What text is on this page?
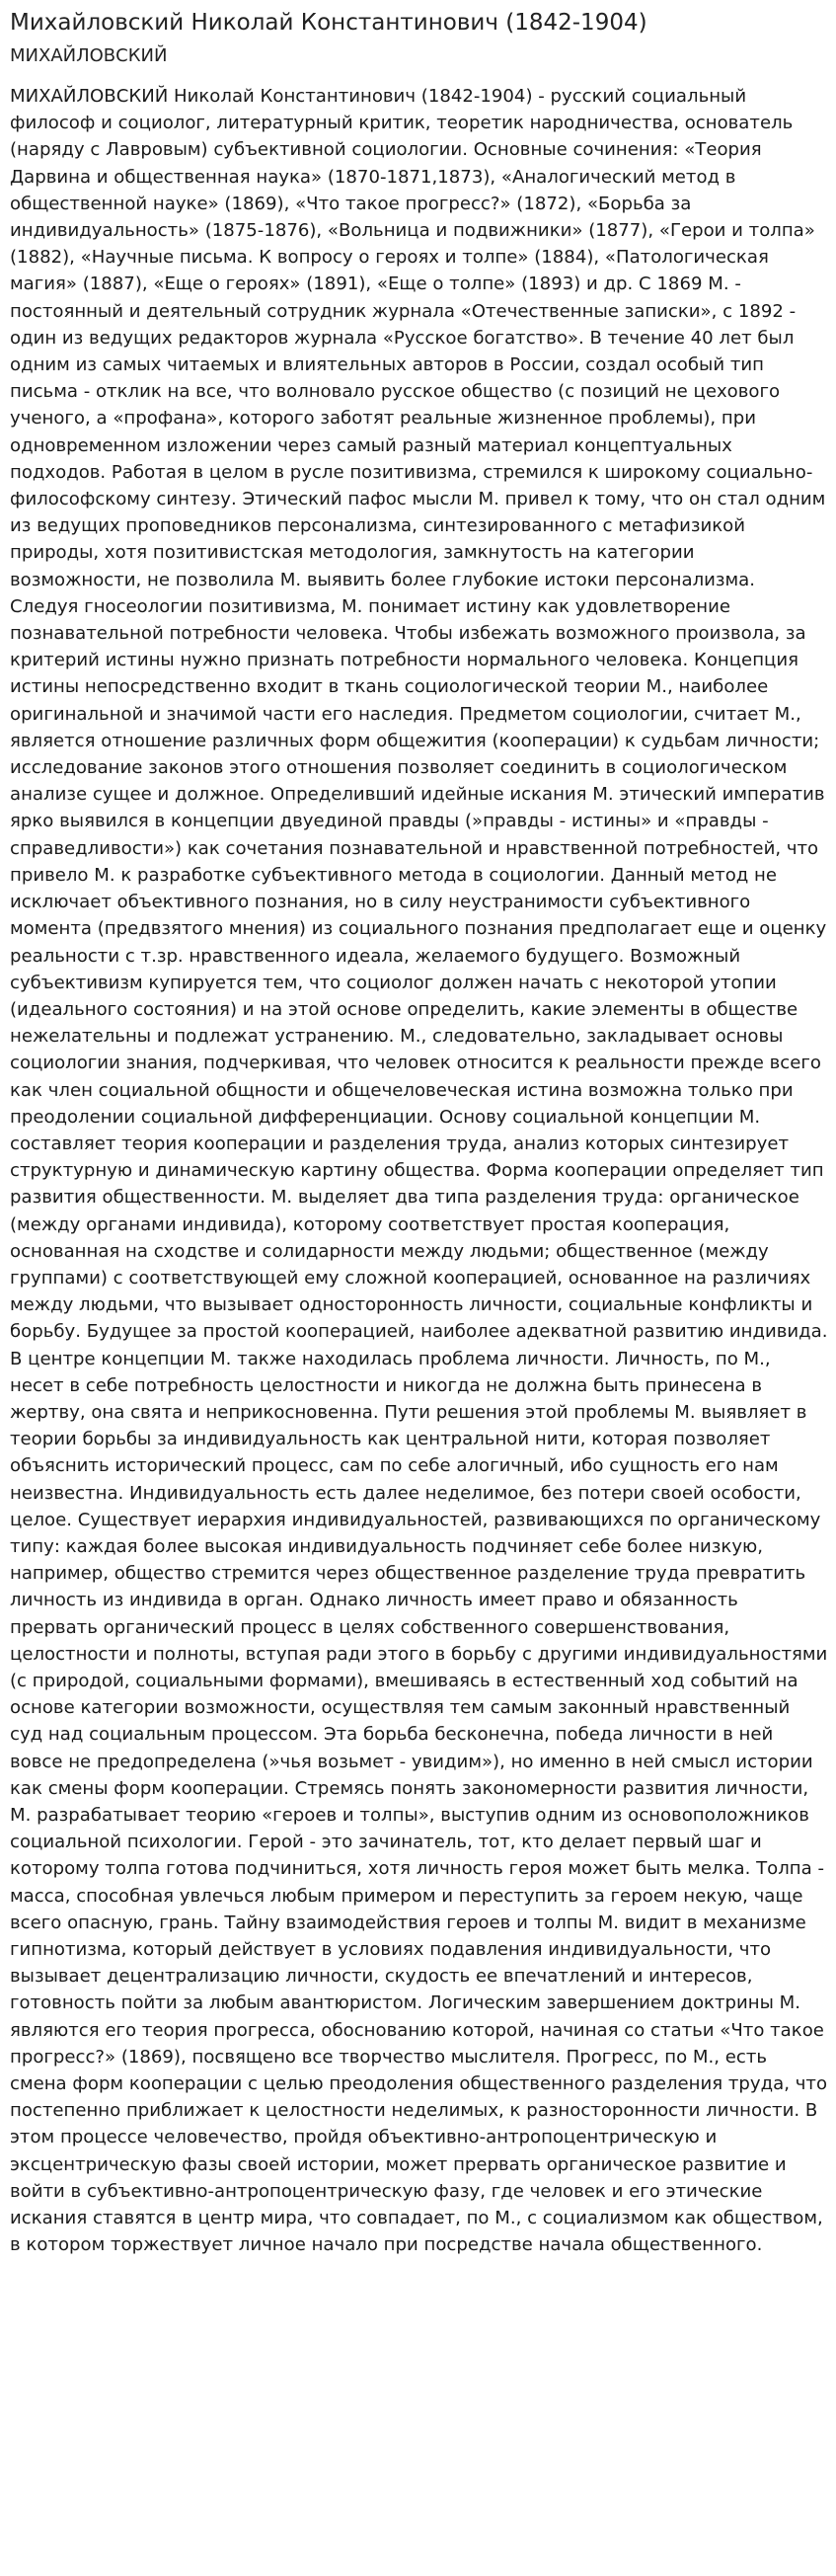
Михайловский Николай Константинович (1842-1904)
МИХАЙЛОВСКИЙ

МИХАЙЛОВСКИЙ Николай Константинович (1842-1904) - русский социальный философ и социолог, литературный критик, теоретик народничества, основатель (наряду с Лавровым) субъективной социологии. Основные сочинения: «Теория Дарвина и общественная наука» (1870-1871,1873), «Аналогический метод в общественной науке» (1869), «Что такое прогресс?» (1872), «Борьба за индивидуальность» (1875-1876), «Вольница и подвижники» (1877), «Герои и толпа» (1882), «Научные письма. К вопросу о героях и толпе» (1884), «Патологическая магия» (1887), «Еще о героях» (1891), «Еще о толпе» (1893) и др. С 1869 М. - постоянный и деятельный сотрудник журнала «Отечественные записки», с 1892 - один из ведущих редакторов журнала «Русское богатство». В течение 40 лет был одним из самых читаемых и влиятельных авторов в России, создал особый тип письма - отклик на все, что волновало русское общество (с позиций не цехового ученого, а «профана», которого заботят реальные жизненное проблемы), при одновременном изложении через самый разный материал концептуальных подходов. Работая в целом в русле позитивизма, стремился к широкому социально-философскому синтезу. Этический пафос мысли М. привел к тому, что он стал одним из ведущих проповедников персонализма, синтезированного с метафизикой природы, хотя позитивистская методология, замкнутость на категории возможности, не позволила М. выявить более глубокие истоки персонализма. Следуя гносеологии позитивизма, М. понимает истину как удовлетворение познавательной потребности человека. Чтобы избежать возможного произвола, за критерий истины нужно признать потребности нормального человека. Концепция истины непосредственно входит в ткань социологической теории М., наиболее оригинальной и значимой части его наследия. Предметом социологии, считает М., является отношение различных форм общежития (кооперации) к судьбам личности; исследование законов этого отношения позволяет соединить в социологическом анализе сущее и должное. Определивший идейные искания М. этический императив ярко выявился в концепции двуединой правды (»правды - истины» и «правды - справедливости») как сочетания познавательной и нравственной потребностей, что привело М. к разработке субъективного метода в социологии. Данный метод не исключает объективного познания, но в силу неустранимости субъективного момента (предвзятого мнения) из социального познания предполагает еще и оценку реальности с т.зр. нравственного идеала, желаемого будущего. Возможный субъективизм купируется тем, что социолог должен начать с некоторой утопии (идеального состояния) и на этой основе определить, какие элементы в обществе нежелательны и подлежат устранению. М., следовательно, закладывает основы социологии знания, подчеркивая, что человек относится к реальности прежде всего как член социальной общности и общечеловеческая истина возможна только при преодолении социальной дифференциации. Основу социальной концепции М. составляет теория кооперации и разделения труда, анализ которых синтезирует структурную и динамическую картину общества. Форма кооперации определяет тип развития общественности. М. выделяет два типа разделения труда: органическое (между органами индивида), которому соответствует простая кооперация, основанная на сходстве и солидарности между людьми; общественное (между группами) с соответствующей ему сложной кооперацией, основанное на различиях между людьми, что вызывает односторонность личности, социальные конфликты и борьбу. Будущее за простой кооперацией, наиболее адекватной развитию индивида. В центре концепции М. также находилась проблема личности. Личность, по М., несет в себе потребность целостности и никогда не должна быть принесена в жертву, она свята и неприкосновенна. Пути решения этой проблемы М. выявляет в теории борьбы за индивидуальность как центральной нити, которая позволяет объяснить исторический процесс, сам по себе алогичный, ибо сущность его нам неизвестна. Индивидуальность есть далее неделимое, без потери своей особости, целое. Существует иерархия индивидуальностей, развивающихся по органическому типу: каждая более высокая индивидуальность подчиняет себе более низкую, например, общество стремится через общественное разделение труда превратить личность из индивида в орган. Однако личность имеет право и обязанность прервать органический процесс в целях собственного совершенствования, целостности и полноты, вступая ради этого в борьбу с другими индивидуальностями (с природой, социальными формами), вмешиваясь в естественный ход событий на основе категории возможности, осуществляя тем самым законный нравственный суд над социальным процессом. Эта борьба бесконечна, победа личности в ней вовсе не предопределена (»чья возьмет - увидим»), но именно в ней смысл истории как смены форм кооперации. Стремясь понять закономерности развития личности, М. разрабатывает теорию «героев и толпы», выступив одним из основоположников социальной психологии. Герой - это зачинатель, тот, кто делает первый шаг и которому толпа готова подчиниться, хотя личность героя может быть мелка. Толпа - масса, способная увлечься любым примером и переступить за героем некую, чаще всего опасную, грань. Тайну взаимодействия героев и толпы М. видит в механизме гипнотизма, который действует в условиях подавления индивидуальности, что вызывает децентрализацию личности, скудость ее впечатлений и интересов, готовность пойти за любым авантюристом. Логическим завершением доктрины М. являются его теория прогресса, обоснованию которой, начиная со статьи «Что такое прогресс?» (1869), посвящено все творчество мыслителя. Прогресс, по М., есть смена форм кооперации с целью преодоления общественного разделения труда, что постепенно приближает к целостности неделимых, к разносторонности личности. В этом процессе человечество, пройдя объективно-антропоцентрическую и эксцентрическую фазы своей истории, может прервать органическое развитие и войти в субъективно-антропоцентрическую фазу, где человек и его этические искания ставятся в центр мира, что совпадает, по М., с социализмом как обществом, в котором торжествует личное начало при посредстве начала общественного.
